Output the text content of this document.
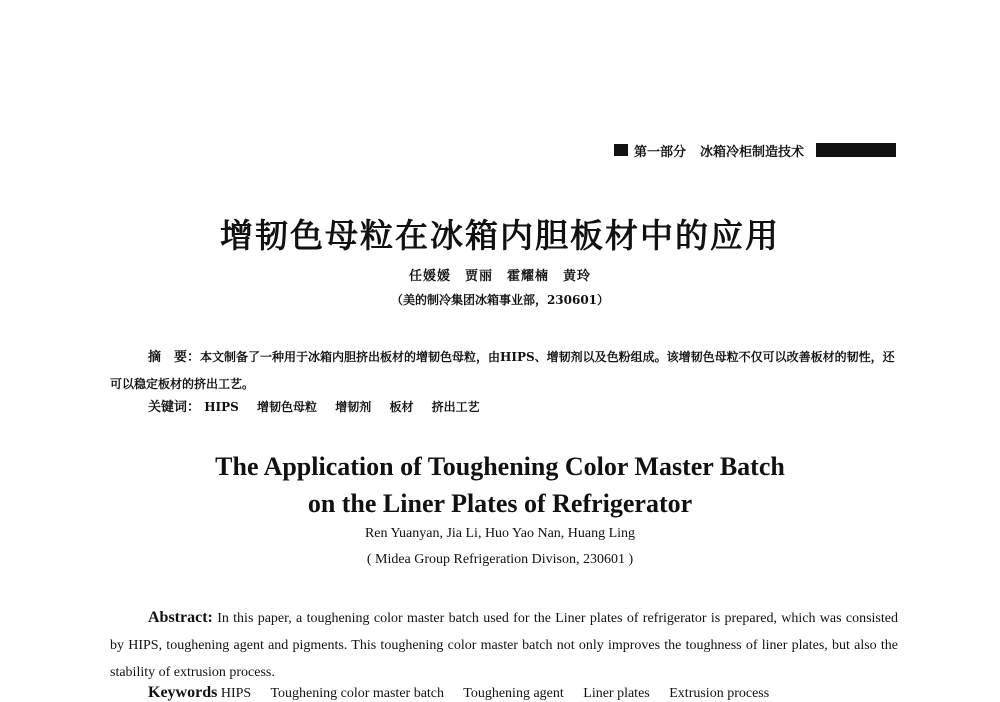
第一部分 冰箱冷柜制造技术
增韧色母粒在冰箱内胆板材中的应用
任媛媛　贾丽　霍耀楠　黄玲
（美的制冷集团冰箱事业部，230601）
摘　要：本文制备了一种用于冰箱内胆挤出板材的增韧色母粒，由HIPS、增韧剂以及色粉组成。该增韧色母粒不仅可以改善板材的韧性，还可以稳定板材的挤出工艺。
关键词： HIPS 增韧色母粒 增韧剂 板材 挤出工艺
The Application of Toughening Color Master Batch
on the Liner Plates of Refrigerator
Ren Yuanyan, Jia Li, Huo Yao Nan, Huang Ling
( Midea Group Refrigeration Divison, 230601 )
Abstract: In this paper, a toughening color master batch used for the Liner plates of refrigerator is prepared, which was consisted by HIPS, toughening agent and pigments. This toughening color master batch not only improves the toughness of liner plates, but also the stability of extrusion process.
Keywords HIPS Toughening color master batch Toughening agent Liner plates Extrusion process
